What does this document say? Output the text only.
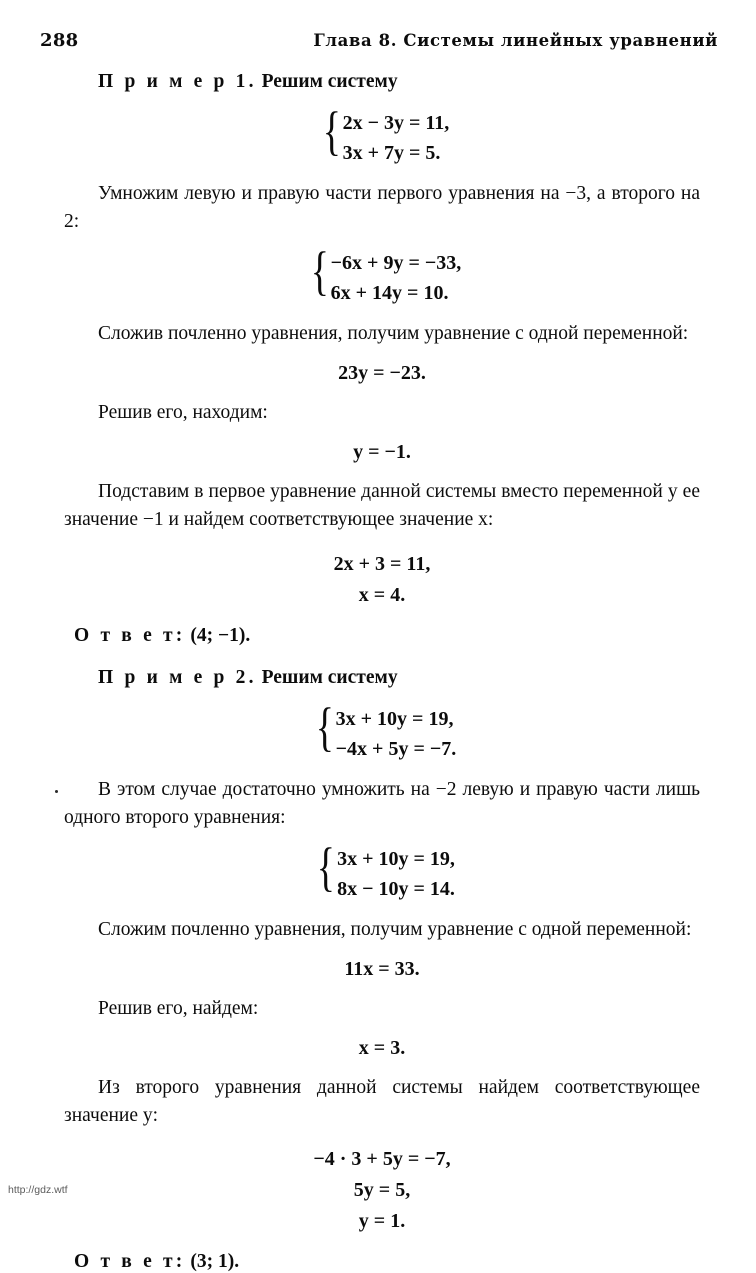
288	Глава 8. Системы линейных уравнений

П р и м е р 1. Решим систему

{ 2x − 3y = 11,
3x + 7y = 5.

Умножим левую и правую части первого уравнения на −3, а второго на 2:

{ −6x + 9y = −33,
6x + 14y = 10.

Сложив почленно уравнения, получим уравнение с одной переменной:

23y = −23.

Решив его, находим:

y = −1.

Подставим в первое уравнение данной системы вместо переменной y ее значение −1 и найдем соответствующее значение x:

2x + 3 = 11,
x = 4.

О т в е т: (4; −1).

П р и м е р 2. Решим систему

{ 3x + 10y = 19,
−4x + 5y = −7.

В этом случае достаточно умножить на −2 левую и правую части лишь одного второго уравнения:

{ 3x + 10y = 19,
8x − 10y = 14.

Сложим почленно уравнения, получим уравнение с одной переменной:

11x = 33.

Решив его, найдем:

x = 3.

Из второго уравнения данной системы найдем соответствующее значение y:

−4 · 3 + 5y = −7,
5y = 5,
y = 1.

О т в е т: (3; 1).

http://gdz.wtf
